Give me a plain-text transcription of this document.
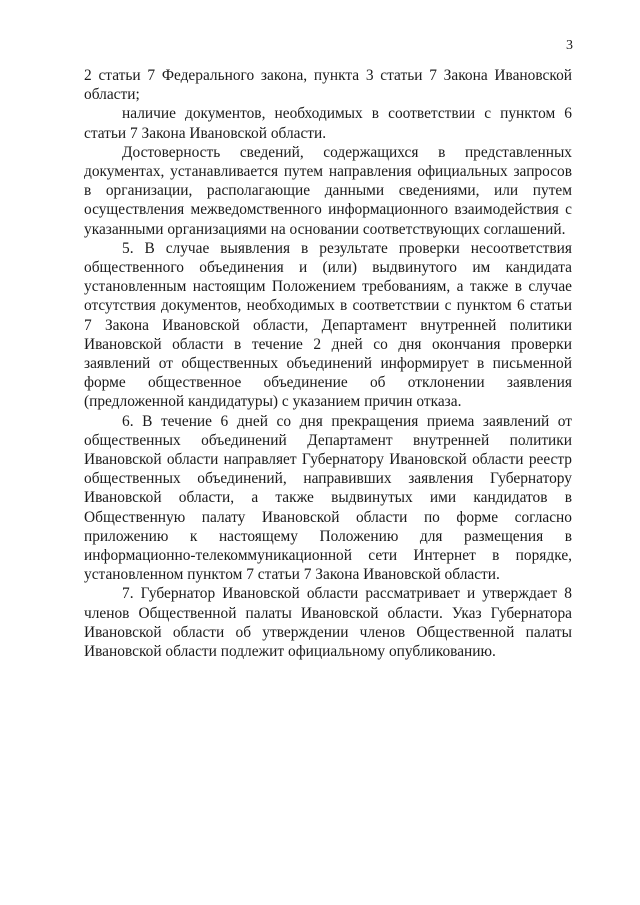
3

2 статьи 7 Федерального закона, пункта 3 статьи 7 Закона Ивановской области;

наличие документов, необходимых в соответствии с пунктом 6 статьи 7 Закона Ивановской области.

Достоверность сведений, содержащихся в представленных документах, устанавливается путем направления официальных запросов в организации, располагающие данными сведениями, или путем осуществления межведомственного информационного взаимодействия с указанными организациями на основании соответствующих соглашений.

5. В случае выявления в результате проверки несоответствия общественного объединения и (или) выдвинутого им кандидата установленным настоящим Положением требованиям, а также в случае отсутствия документов, необходимых в соответствии с пунктом 6 статьи 7 Закона Ивановской области, Департамент внутренней политики Ивановской области в течение 2 дней со дня окончания проверки заявлений от общественных объединений информирует в письменной форме общественное объединение об отклонении заявления (предложенной кандидатуры) с указанием причин отказа.

6. В течение 6 дней со дня прекращения приема заявлений от общественных объединений Департамент внутренней политики Ивановской области направляет Губернатору Ивановской области реестр общественных объединений, направивших заявления Губернатору Ивановской области, а также выдвинутых ими кандидатов в Общественную палату Ивановской области по форме согласно приложению к настоящему Положению для размещения в информационно-телекоммуникационной сети Интернет в порядке, установленном пунктом 7 статьи 7 Закона Ивановской области.

7. Губернатор Ивановской области рассматривает и утверждает 8 членов Общественной палаты Ивановской области. Указ Губернатора Ивановской области об утверждении членов Общественной палаты Ивановской области подлежит официальному опубликованию.
